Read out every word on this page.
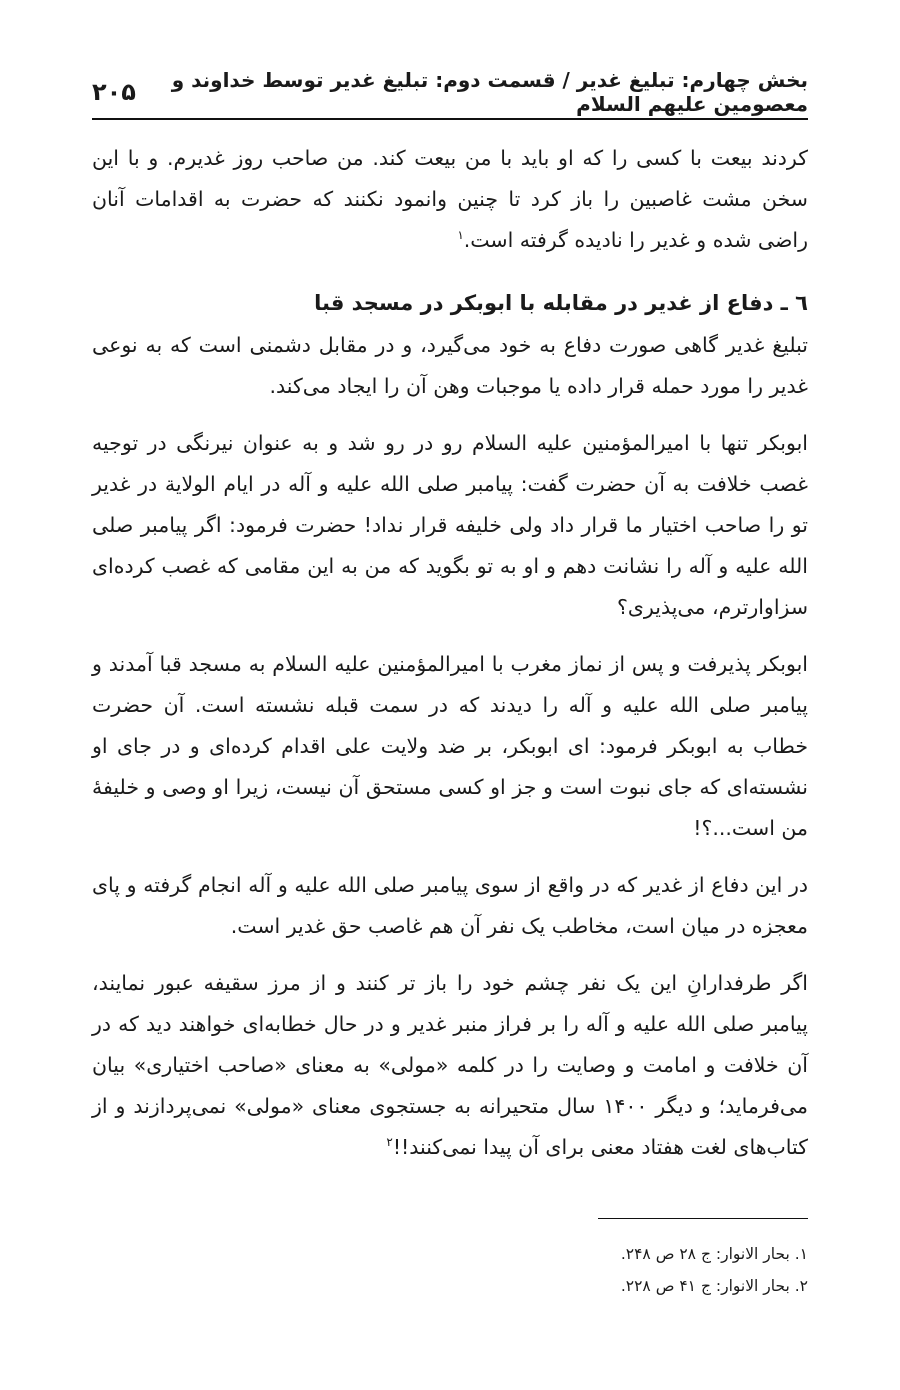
بخش چهارم: تبلیغ غدیر / قسمت دوم: تبلیغ غدیر توسط خداوند و معصومین علیهم السلام
۲۰۵

کردند بیعت با کسی را که او باید با من بیعت کند. من صاحب روز غدیرم. و با این سخن مشت غاصبین را باز کرد تا چنین وانمود نکنند که حضرت به اقدامات آنان راضی شده و غدیر را نادیده گرفته است.$^۱$

٦ ـ دفاع از غدیر در مقابله با ابوبکر در مسجد قبا

تبلیغ غدیر گاهی صورت دفاع به خود می‌گیرد، و در مقابل دشمنی است که به نوعی غدیر را مورد حمله قرار داده یا موجبات وهن آن را ایجاد می‌کند.

ابوبکر تنها با امیرالمؤمنین علیه السلام رو در رو شد و به عنوان نیرنگی در توجیه غصب خلافت به آن حضرت گفت: پیامبر صلی الله علیه و آله در ایام الولایة در غدیر تو را صاحب اختیار ما قرار داد ولی خلیفه قرار نداد! حضرت فرمود: اگر پیامبر صلی الله علیه و آله را نشانت دهم و او به تو بگوید که من به این مقامی که غصب کرده‌ای سزاوارترم، می‌پذیری؟

ابوبکر پذیرفت و پس از نماز مغرب با امیرالمؤمنین علیه السلام به مسجد قبا آمدند و پیامبر صلی الله علیه و آله را دیدند که در سمت قبله نشسته است. آن حضرت خطاب به ابوبکر فرمود: ای ابوبکر، بر ضد ولایت علی اقدام کرده‌ای و در جای او نشسته‌ای که جای نبوت است و جز او کسی مستحق آن نیست، زیرا او وصی و خلیفهٔ من است...؟!

در این دفاع از غدیر که در واقع از سوی پیامبر صلی الله علیه و آله انجام گرفته و پای معجزه در میان است، مخاطب یک نفر آن هم غاصب حق غدیر است.

اگر طرفدارانِ این یک نفر چشم خود را باز تر کنند و از مرز سقیفه عبور نمایند، پیامبر صلی الله علیه و آله را بر فراز منبر غدیر و در حال خطابه‌ای خواهند دید که در آن خلافت و امامت و وصایت را در کلمه «مولی» به معنای «صاحب اختیاری» بیان می‌فرماید؛ و دیگر ۱۴۰۰ سال متحیرانه به جستجوی معنای «مولی» نمی‌پردازند و از کتاب‌های لغت هفتاد معنی برای آن پیدا نمی‌کنند!!$^۲$

۱. بحار الانوار: ج ۲۸ ص ۲۴۸.

۲. بحار الانوار: ج ۴۱ ص ۲۲۸.
